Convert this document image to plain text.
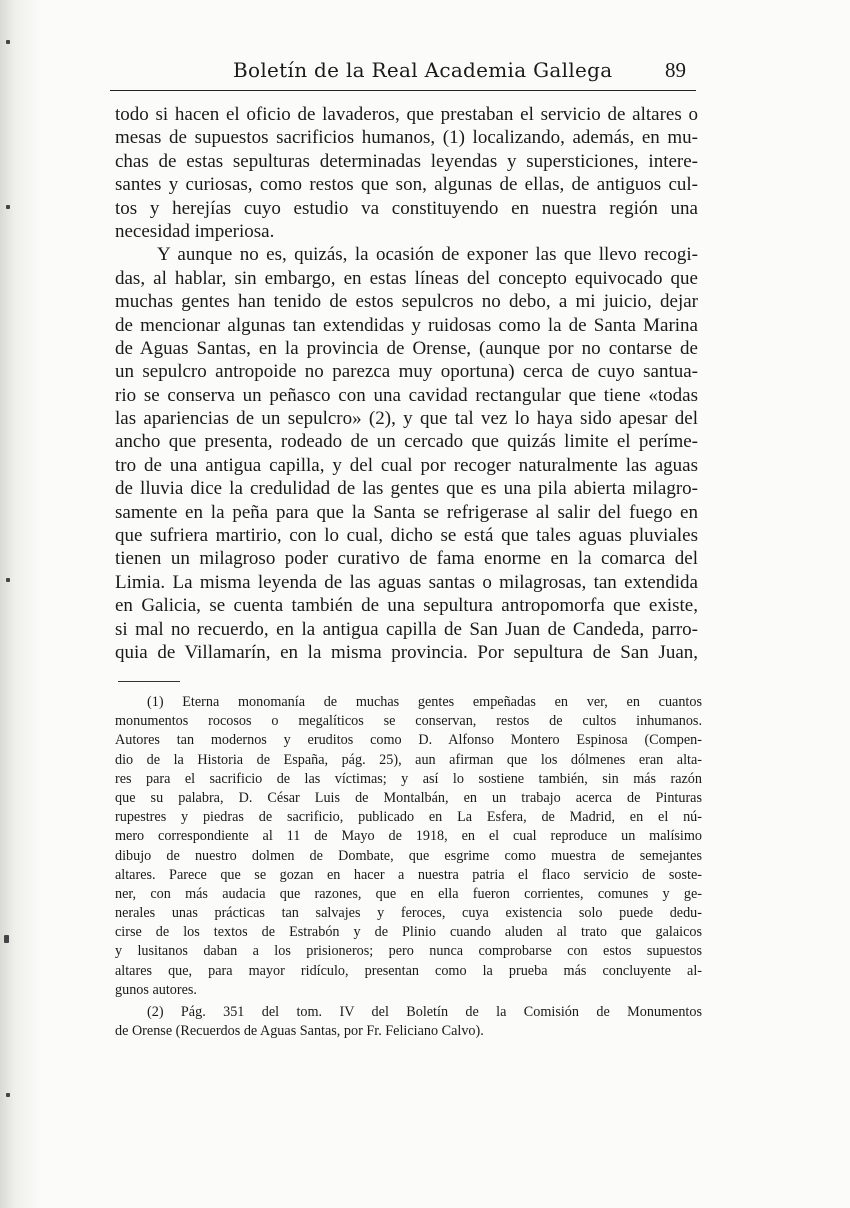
Boletín de la Real Academia Gallega	89
todo si hacen el oficio de lavaderos, que prestaban el servicio de altares o
mesas de supuestos sacrificios humanos, (1) localizando, además, en mu-
chas de estas sepulturas determinadas leyendas y supersticiones, intere-
santes y curiosas, como restos que son, algunas de ellas, de antiguos cul-
tos y herejías cuyo estudio va constituyendo en nuestra región una
necesidad imperiosa.
Y aunque no es, quizás, la ocasión de exponer las que llevo recogi-
das, al hablar, sin embargo, en estas líneas del concepto equivocado que
muchas gentes han tenido de estos sepulcros no debo, a mi juicio, dejar
de mencionar algunas tan extendidas y ruidosas como la de Santa Marina
de Aguas Santas, en la provincia de Orense, (aunque por no contarse de
un sepulcro antropoide no parezca muy oportuna) cerca de cuyo santua-
rio se conserva un peñasco con una cavidad rectangular que tiene «todas
las apariencias de un sepulcro» (2), y que tal vez lo haya sido apesar del
ancho que presenta, rodeado de un cercado que quizás limite el períme-
tro de una antigua capilla, y del cual por recoger naturalmente las aguas
de lluvia dice la credulidad de las gentes que es una pila abierta milagro-
samente en la peña para que la Santa se refrigerase al salir del fuego en
que sufriera martirio, con lo cual, dicho se está que tales aguas pluviales
tienen un milagroso poder curativo de fama enorme en la comarca del
Limia. La misma leyenda de las aguas santas o milagrosas, tan extendida
en Galicia, se cuenta también de una sepultura antropomorfa que existe,
si mal no recuerdo, en la antigua capilla de San Juan de Candeda, parro-
quia de Villamarín, en la misma provincia. Por sepultura de San Juan,
(1) Eterna monomanía de muchas gentes empeñadas en ver, en cuantos
monumentos rocosos o megalíticos se conservan, restos de cultos inhumanos.
Autores tan modernos y eruditos como D. Alfonso Montero Espinosa (Compen-
dio de la Historia de España, pág. 25), aun afirman que los dólmenes eran alta-
res para el sacrificio de las víctimas; y así lo sostiene también, sin más razón
que su palabra, D. César Luis de Montalbán, en un trabajo acerca de Pinturas
rupestres y piedras de sacrificio, publicado en La Esfera, de Madrid, en el nú-
mero correspondiente al 11 de Mayo de 1918, en el cual reproduce un malísimo
dibujo de nuestro dolmen de Dombate, que esgrime como muestra de semejantes
altares. Parece que se gozan en hacer a nuestra patria el flaco servicio de soste-
ner, con más audacia que razones, que en ella fueron corrientes, comunes y ge-
nerales unas prácticas tan salvajes y feroces, cuya existencia solo puede dedu-
cirse de los textos de Estrabón y de Plinio cuando aluden al trato que galaicos
y lusitanos daban a los prisioneros; pero nunca comprobarse con estos supuestos
altares que, para mayor ridículo, presentan como la prueba más concluyente al-
gunos autores.
(2) Pág. 351 del tom. IV del Boletín de la Comisión de Monumentos
de Orense (Recuerdos de Aguas Santas, por Fr. Feliciano Calvo).
